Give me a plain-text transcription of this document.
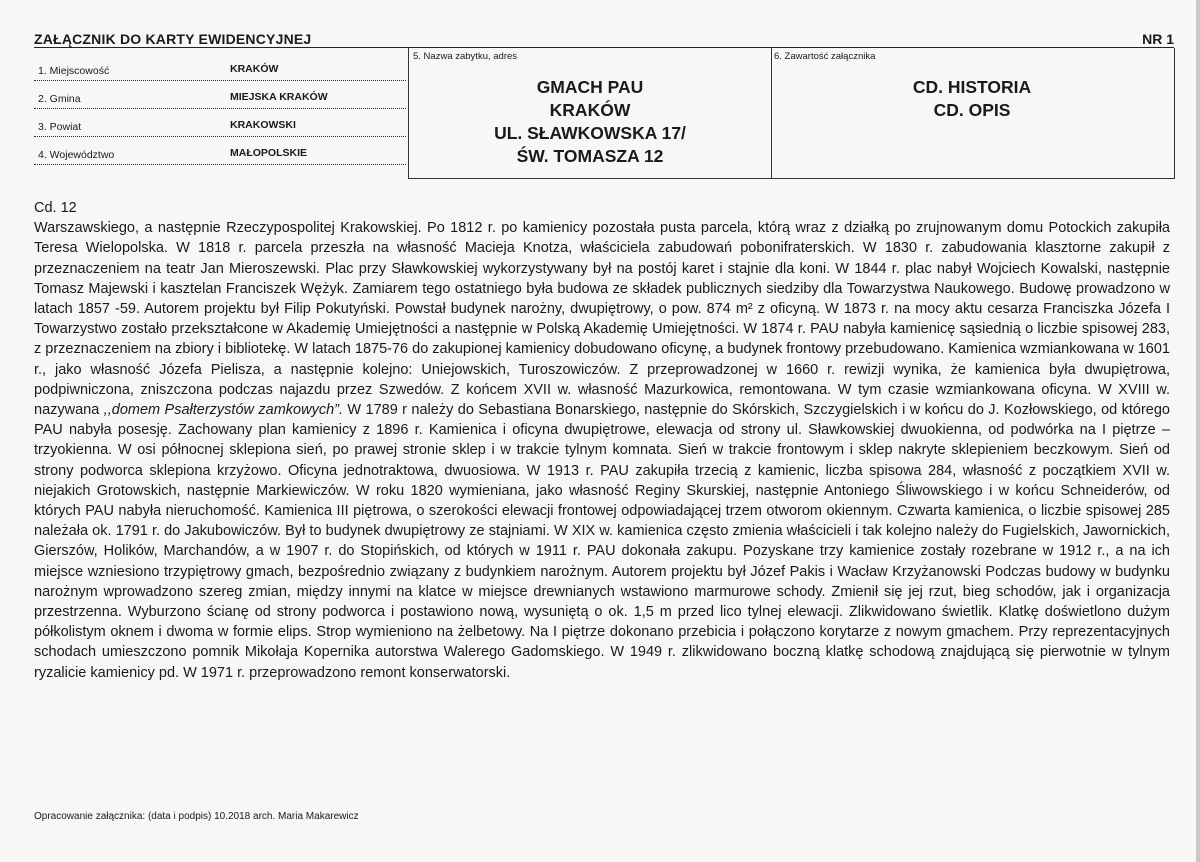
ZAŁĄCZNIK DO KARTY EWIDENCYJNEJ	NR 1
1. Miejscowość	KRAKÓW
2. Gmina	MIEJSKA KRAKÓW
3. Powiat	KRAKOWSKI
4. Województwo	MAŁOPOLSKIE
5. Nazwa zabytku, adres
GMACH PAU
KRAKÓW
UL. SŁAWKOWSKA 17/
ŚW. TOMASZA 12
6. Zawartość załącznika
CD. HISTORIA
CD. OPIS
Cd. 12
Warszawskiego, a następnie Rzeczypospolitej Krakowskiej. Po 1812 r. po kamienicy pozostała pusta parcela, którą wraz z działką po zrujnowanym domu Potockich zakupiła Teresa Wielopolska. W 1818 r. parcela przeszła na własność Macieja Knotza, właściciela zabudowań pobonifraterskich. W 1830 r. zabudowania klasztorne zakupił z przeznaczeniem na teatr Jan Mieroszewski. Plac przy Sławkowskiej wykorzystywany był na postój karet i stajnie dla koni. W 1844 r. plac nabył Wojciech Kowalski, następnie Tomasz Majewski i kasztelan Franciszek Wężyk. Zamiarem tego ostatniego była budowa ze składek publicznych siedziby dla Towarzystwa Naukowego. Budowę prowadzono w latach 1857 -59. Autorem projektu był Filip Pokutyński. Powstał budynek narożny, dwupiętrowy, o pow. 874 m² z oficyną. W 1873 r. na mocy aktu cesarza Franciszka Józefa I Towarzystwo zostało przekształcone w Akademię Umiejętności a następnie w Polską Akademię Umiejętności. W 1874 r. PAU nabyła kamienicę sąsiednią o liczbie spisowej 283, z przeznaczeniem na zbiory i bibliotekę. W latach 1875-76 do zakupionej kamienicy dobudowano oficynę, a budynek frontowy przebudowano. Kamienica wzmiankowana w 1601 r., jako własność Józefa Pielisza, a następnie kolejno: Uniejowskich, Turoszowiczów. Z przeprowadzonej w 1660 r. rewizji wynika, że kamienica była dwupiętrowa, podpiwniczona, zniszczona podczas najazdu przez Szwedów. Z końcem XVII w. własność Mazurkowica, remontowana. W tym czasie wzmiankowana oficyna. W XVIII w. nazywana ,,domem Psałterzystów zamkowych”. W 1789 r należy do Sebastiana Bonarskiego, następnie do Skórskich, Szczygielskich i w końcu do J. Kozłowskiego, od którego PAU nabyła posesję. Zachowany plan kamienicy z 1896 r. Kamienica i oficyna dwupiętrowe, elewacja od strony ul. Sławkowskiej dwuokienna, od podwórka na I piętrze – trzyokienna. W osi północnej sklepiona sień, po prawej stronie sklep i w trakcie tylnym komnata. Sień w trakcie frontowym i sklep nakryte sklepieniem beczkowym. Sień od strony podworca sklepiona krzyżowo. Oficyna jednotraktowa, dwuosiowa. W 1913 r. PAU zakupiła trzecią z kamienic, liczba spisowa 284, własność z początkiem XVII w. niejakich Grotowskich, następnie Markiewiczów. W roku 1820 wymieniana, jako własność Reginy Skurskiej, następnie Antoniego Śliwowskiego i w końcu Schneiderów, od których PAU nabyła nieruchomość. Kamienica III piętrowa, o szerokości elewacji frontowej odpowiadającej trzem otworom okiennym. Czwarta kamienica, o liczbie spisowej 285 należała ok. 1791 r. do Jakubowiczów. Był to budynek dwupiętrowy ze stajniami. W XIX w. kamienica często zmienia właścicieli i tak kolejno należy do Fugielskich, Jawornickich, Gierszów, Holików, Marchandów, a w 1907 r. do Stopińskich, od których w 1911 r. PAU dokonała zakupu. Pozyskane trzy kamienice zostały rozebrane w 1912 r., a na ich miejsce wzniesiono trzypiętrowy gmach, bezpośrednio związany z budynkiem narożnym. Autorem projektu był Józef Pakis i Wacław Krzyżanowski Podczas budowy w budynku narożnym wprowadzono szereg zmian, między innymi na klatce w miejsce drewnianych wstawiono marmurowe schody. Zmienił się jej rzut, bieg schodów, jak i organizacja przestrzenna. Wyburzono ścianę od strony podworca i postawiono nową, wysuniętą o ok. 1,5 m przed lico tylnej elewacji. Zlikwidowano świetlik. Klatkę doświetlono dużym półkolistym oknem i dwoma w formie elips. Strop wymieniono na żelbetowy. Na I piętrze dokonano przebicia i połączono korytarze z nowym gmachem. Przy reprezentacyjnych schodach umieszczono pomnik Mikołaja Kopernika autorstwa Walerego Gadomskiego. W 1949 r. zlikwidowano boczną klatkę schodową znajdującą się pierwotnie w tylnym ryzalicie kamienicy pd. W 1971 r. przeprowadzono remont konserwatorski.
Opracowanie załącznika: (data i podpis) 10.2018 arch. Maria Makarewicz
